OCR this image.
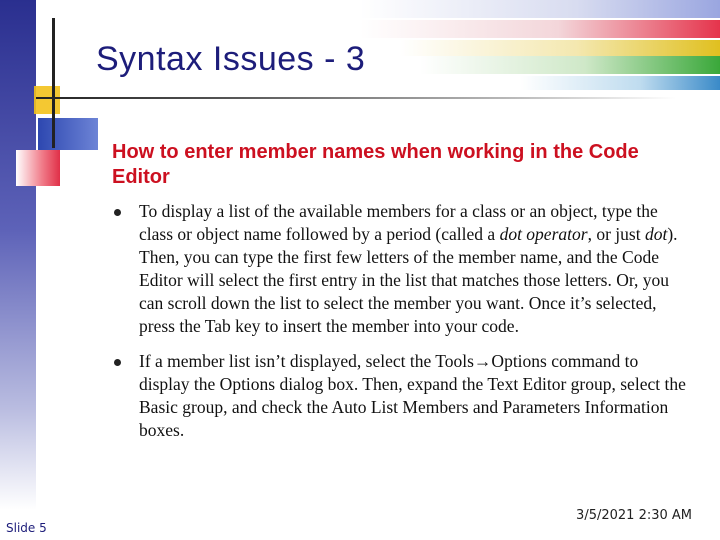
Syntax Issues - 3
How to enter member names when working in the Code Editor
To display a list of the available members for a class or an object, type the class or object name followed by a period (called a dot operator, or just dot). Then, you can type the first few letters of the member name, and the Code Editor will select the first entry in the list that matches those letters. Or, you can scroll down the list to select the member you want. Once it’s selected, press the Tab key to insert the member into your code.
If a member list isn’t displayed, select the Tools→Options command to display the Options dialog box. Then, expand the Text Editor group, select the Basic group, and check the Auto List Members and Parameters Information boxes.
Slide 5
3/5/2021 2:30 AM
